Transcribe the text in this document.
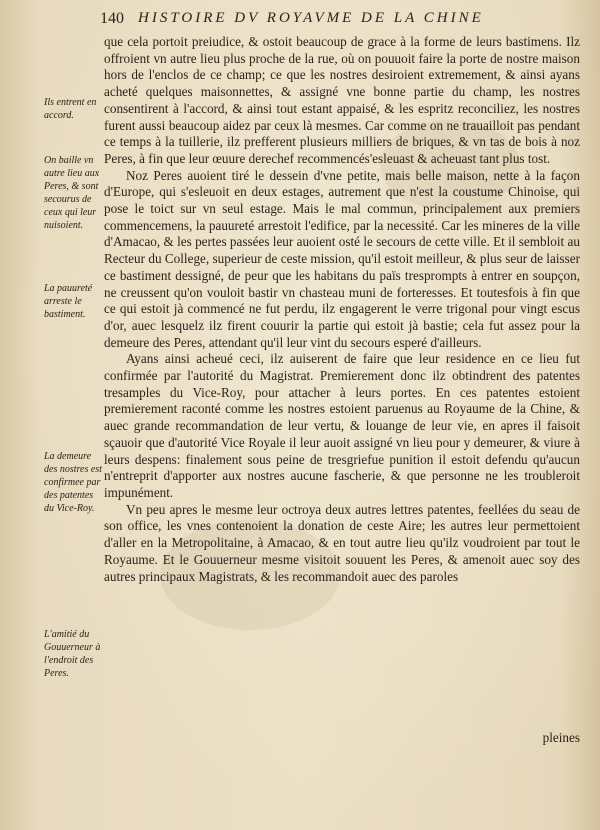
140 HISTOIRE DV ROYAVME DE LA CHINE
Ils entrent en accord.
On baille vn autre lieu aux Peres, & sont secourus de ceux qui leur nuisoient.
La pauureté arreste le bastiment.
La demeure des nostres est confirmee par des patentes du Vice-Roy.
L'amitié du Gouuerneur à l'endroit des Peres.

que cela portoit preiudice, & ostoit beaucoup de grace à la forme de leurs bastimens. Ilz offroient vn autre lieu plus proche de la rue, où on pouuoit faire la porte de nostre maison hors de l'enclos de ce champ; ce que les nostres desiroient extremement, & ainsi ayans acheté quelques maisonnettes, & assigné vne bonne partie du champ, les nostres consentirent à l'accord, & ainsi tout estant appaisé, & les espritz reconciliez, les nostres furent aussi beaucoup aidez par ceux là mesmes. Car comme on ne trauailloit pas pendant ce temps à la tuillerie, ilz prefferent plusieurs milliers de briques, & vn tas de bois à noz Peres, à fin que leur œuure derechef recommencés'esleuast & acheuast tant plus tost.

Noz Peres auoient tiré le dessein d'vne petite, mais belle maison, nette à la façon d'Europe, qui s'esleuoit en deux estages, autrement que n'est la coustume Chinoise, qui pose le toict sur vn seul estage. Mais le mal commun, principalement aux premiers commencemens, la pauureté arrestoit l'edifice, par la necessité. Car les mineres de la ville d'Amacao, & les pertes passées leur auoient osté le secours de cette ville. Et il sembloit au Recteur du College, superieur de ceste mission, qu'il estoit meilleur, & plus seur de laisser ce bastiment dessigné, de peur que les habitans du païs tresprompts à entrer en soupçon, ne creussent qu'on vouloit bastir vn chasteau muni de forteresses. Et toutesfois à fin que ce qui estoit jà commencé ne fut perdu, ilz engagerent le verre trigonal pour vingt escus d'or, auec lesquelz ilz firent couurir la partie qui estoit jà bastie; cela fut assez pour la demeure des Peres, attendant qu'il leur vint du secours esperé d'ailleurs.

Ayans ainsi acheué ceci, ilz auiserent de faire que leur residence en ce lieu fut confirmée par l'autorité du Magistrat. Premierement donc ilz obtindrent des patentes tresamples du Vice-Roy, pour attacher à leurs portes. En ces patentes estoient premierement raconté comme les nostres estoient paruenus au Royaume de la Chine, & auec grande recommandation de leur vertu, & louange de leur vie, en apres il faisoit sçauoir que d'autorité Vice Royale il leur auoit assigné vn lieu pour y demeurer, & viure à leurs despens: finalement sous peine de tresgriefue punition il estoit defendu qu'aucun n'entreprit d'apporter aux nostres aucune fascherie, & que personne ne les troubleroit impunément.

Vn peu apres le mesme leur octroya deux autres lettres patentes, feellées du seau de son office, les vnes contenoient la donation de ceste Aire; les autres leur permettoient d'aller en la Metropolitaine, à Amacao, & en tout autre lieu qu'ilz voudroient par tout le Royaume. Et le Gouuerneur mesme visitoit souuent les Peres, & amenoit auec soy des autres principaux Magistrats, & les recommandoit auec des paroles

pleines
